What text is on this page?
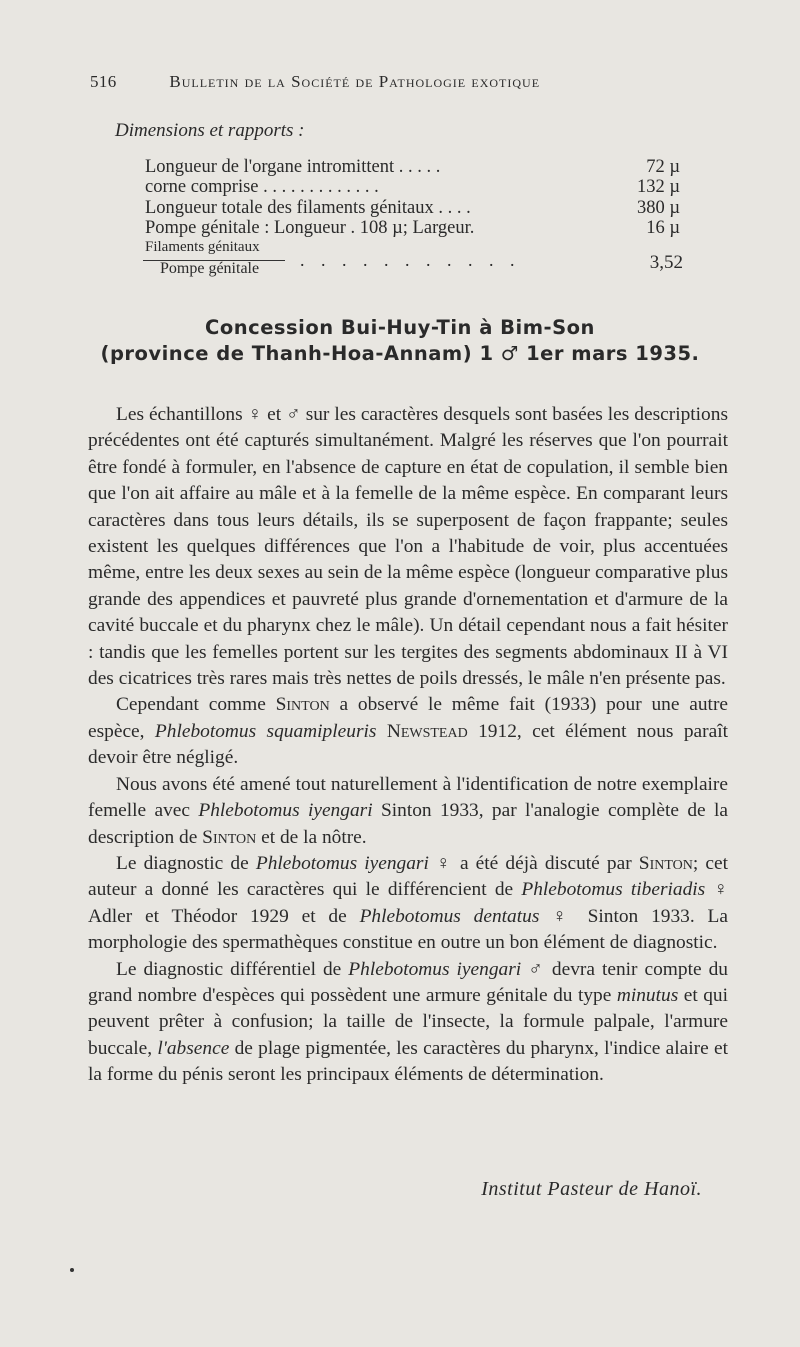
516	Bulletin de la Société de Pathologie exotique
Dimensions et rapports :
Longueur de l'organe intromittent . . . . .	72 µ
corne comprise . . . . . . . . . . . . .	132 µ
Longueur totale des filaments génitaux . . . .	380 µ
Pompe génitale : Longueur . 108 µ; Largeur.	16 µ
Filaments génitaux
Pompe génitale . . . . . . . . . . .	3,52
Concession Bui-Huy-Tin à Bim-Son
(province de Thanh-Hoa-Annam) 1 ♂ 1er mars 1935.

Les échantillons ♀ et ♂ sur les caractères desquels sont basées les descriptions précédentes ont été capturés simultanément. Malgré les réserves que l'on pourrait être fondé à formuler, en l'absence de capture en état de copulation, il semble bien que l'on ait affaire au mâle et à la femelle de la même espèce. En comparant leurs caractères dans tous leurs détails, ils se superposent de façon frappante; seules existent les quelques différences que l'on a l'habitude de voir, plus accentuées même, entre les deux sexes au sein de la même espèce (longueur comparative plus grande des appendices et pauvreté plus grande d'ornementation et d'armure de la cavité buccale et du pharynx chez le mâle). Un détail cependant nous a fait hésiter : tandis que les femelles portent sur les tergites des segments abdominaux II à VI des cicatrices très rares mais très nettes de poils dressés, le mâle n'en présente pas.

Cependant comme Sinton a observé le même fait (1933) pour une autre espèce, Phlebotomus squamipleuris Newstead 1912, cet élément nous paraît devoir être négligé.

Nous avons été amené tout naturellement à l'identification de notre exemplaire femelle avec Phlebotomus iyengari Sinton 1933, par l'analogie complète de la description de Sinton et de la nôtre.

Le diagnostic de Phlebotomus iyengari ♀ a été déjà discuté par Sinton; cet auteur a donné les caractères qui le différencient de Phlebotomus tiberiadis ♀ Adler et Théodor 1929 et de Phlebotomus dentatus ♀ Sinton 1933. La morphologie des spermathèques constitue en outre un bon élément de diagnostic.

Le diagnostic différentiel de Phlebotomus iyengari ♂ devra tenir compte du grand nombre d'espèces qui possèdent une armure génitale du type minutus et qui peuvent prêter à confusion; la taille de l'insecte, la formule palpale, l'armure buccale, l'absence de plage pigmentée, les caractères du pharynx, l'indice alaire et la forme du pénis seront les principaux éléments de détermination.

Institut Pasteur de Hanoï.
